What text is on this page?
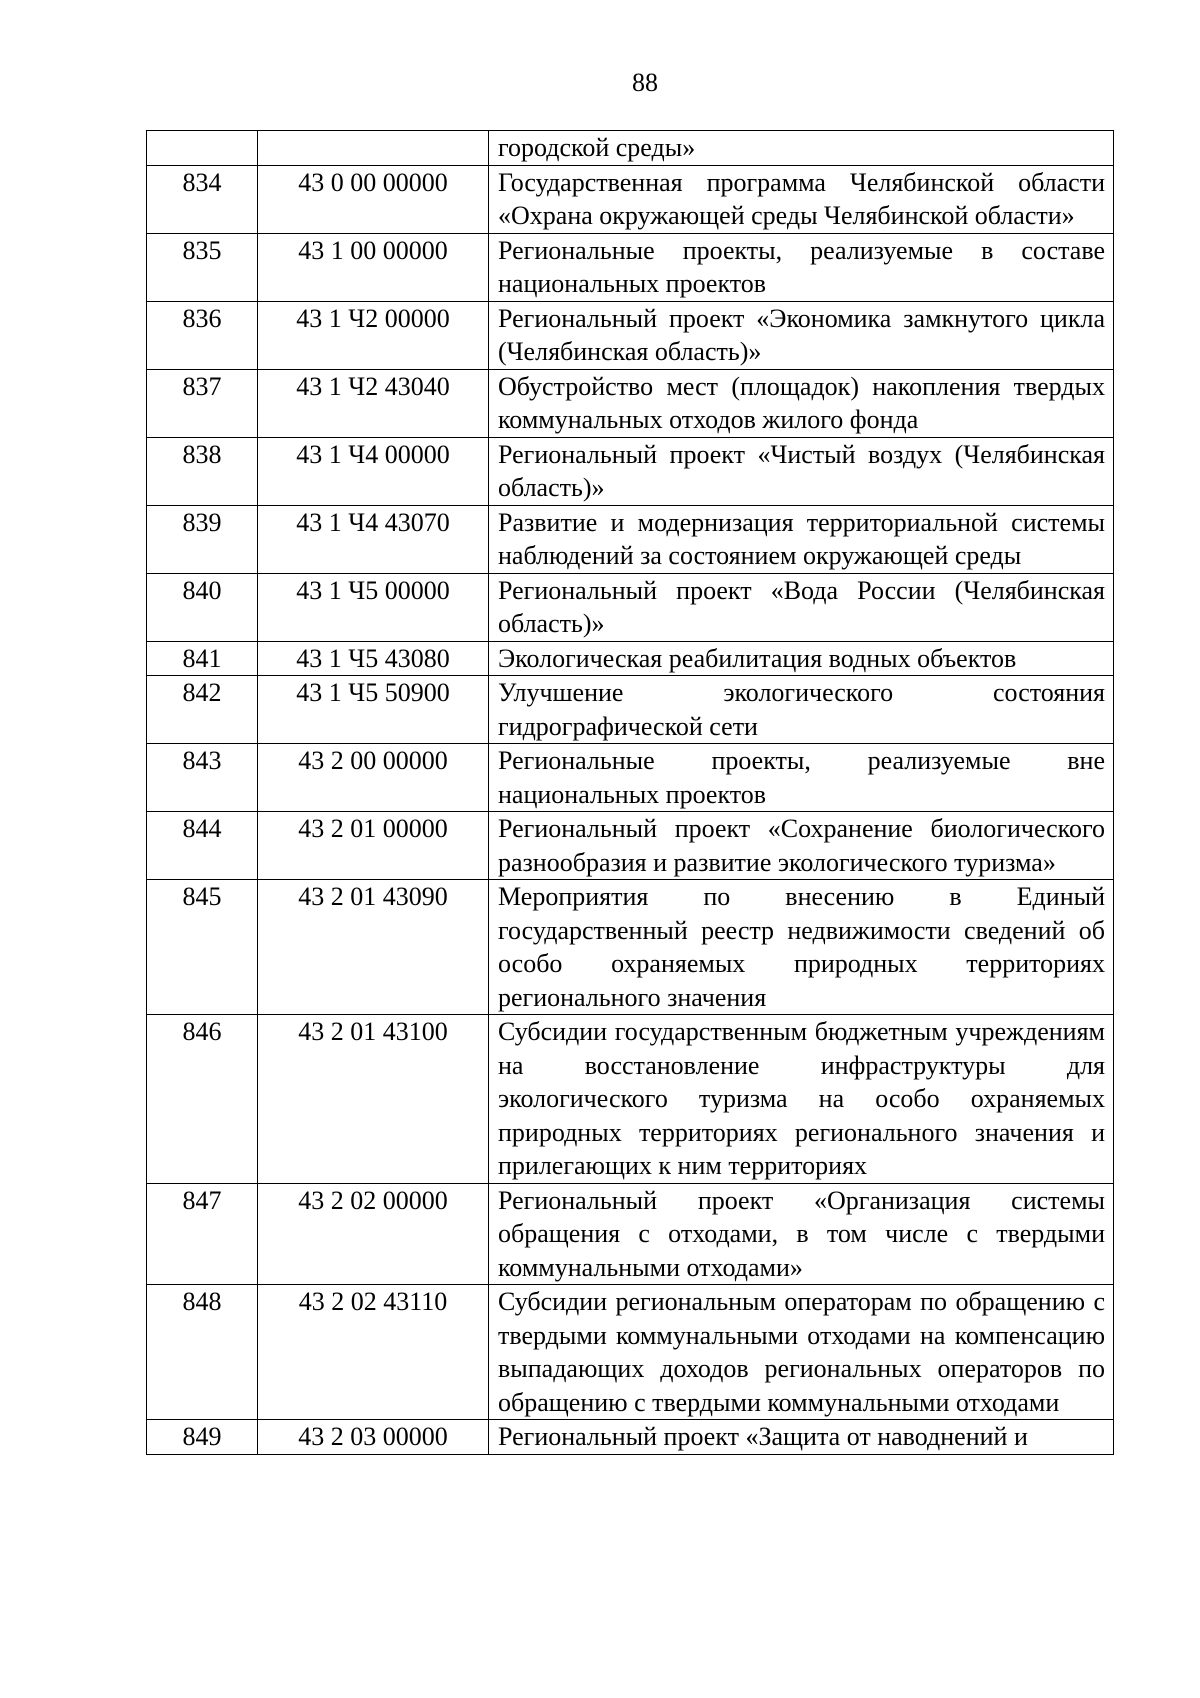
88
		городской среды»
834	43 0 00 00000	Государственная программа Челябинской области «Охрана окружающей среды Челябинской области»
835	43 1 00 00000	Региональные проекты, реализуемые в составе национальных проектов
836	43 1 Ч2 00000	Региональный проект «Экономика замкнутого цикла (Челябинская область)»
837	43 1 Ч2 43040	Обустройство мест (площадок) накопления твердых коммунальных отходов жилого фонда
838	43 1 Ч4 00000	Региональный проект «Чистый воздух (Челябинская область)»
839	43 1 Ч4 43070	Развитие и модернизация территориальной системы наблюдений за состоянием окружающей среды
840	43 1 Ч5 00000	Региональный проект «Вода России (Челябинская область)»
841	43 1 Ч5 43080	Экологическая реабилитация водных объектов
842	43 1 Ч5 50900	Улучшение экологического состояния гидрографической сети
843	43 2 00 00000	Региональные проекты, реализуемые вне национальных проектов
844	43 2 01 00000	Региональный проект «Сохранение биологического разнообразия и развитие экологического туризма»
845	43 2 01 43090	Мероприятия по внесению в Единый государственный реестр недвижимости сведений об особо охраняемых природных территориях регионального значения
846	43 2 01 43100	Субсидии государственным бюджетным учреждениям на восстановление инфраструктуры для экологического туризма на особо охраняемых природных территориях регионального значения и прилегающих к ним территориях
847	43 2 02 00000	Региональный проект «Организация системы обращения с отходами, в том числе с твердыми коммунальными отходами»
848	43 2 02 43110	Субсидии региональным операторам по обращению с твердыми коммунальными отходами на компенсацию выпадающих доходов региональных операторов по обращению с твердыми коммунальными отходами
849	43 2 03 00000	Региональный проект «Защита от наводнений и
